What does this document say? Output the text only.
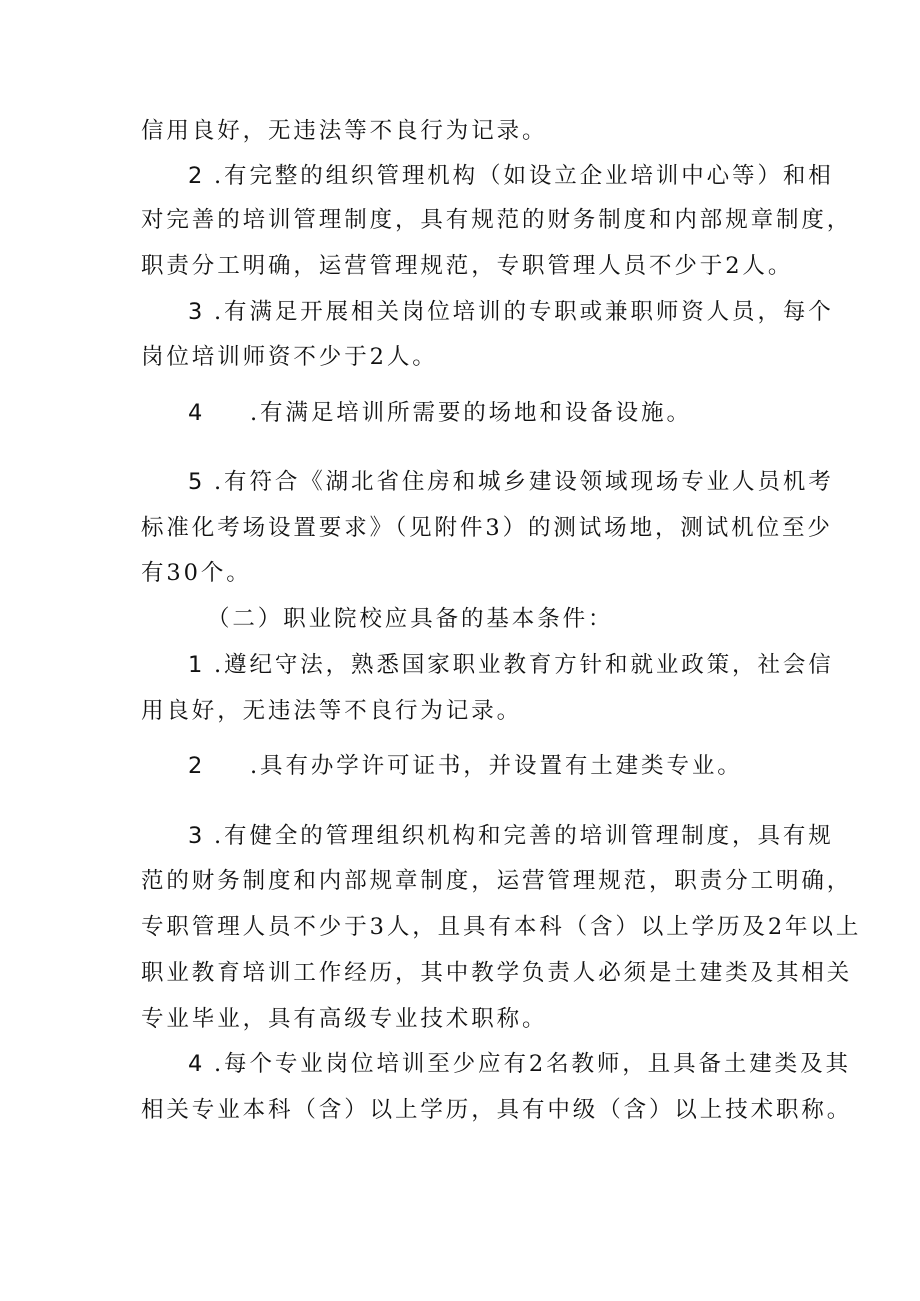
信用良好，无违法等不良行为记录。
2 .有完整的组织管理机构（如设立企业培训中心等）和相
对完善的培训管理制度，具有规范的财务制度和内部规章制度，
职责分工明确，运营管理规范，专职管理人员不少于2人。
3 .有满足开展相关岗位培训的专职或兼职师资人员，每个
岗位培训师资不少于2人。
4 .有满足培训所需要的场地和设备设施。
5 .有符合《湖北省住房和城乡建设领域现场专业人员机考
标准化考场设置要求》（见附件3）的测试场地，测试机位至少
有30个。
（二）职业院校应具备的基本条件：
1 .遵纪守法，熟悉国家职业教育方针和就业政策，社会信
用良好，无违法等不良行为记录。
2 .具有办学许可证书，并设置有土建类专业。
3 .有健全的管理组织机构和完善的培训管理制度，具有规
范的财务制度和内部规章制度，运营管理规范，职责分工明确，
专职管理人员不少于3人，且具有本科（含）以上学历及2年以上
职业教育培训工作经历，其中教学负责人必须是土建类及其相关
专业毕业，具有高级专业技术职称。
4 .每个专业岗位培训至少应有2名教师，且具备土建类及其
相关专业本科（含）以上学历，具有中级（含）以上技术职称。
